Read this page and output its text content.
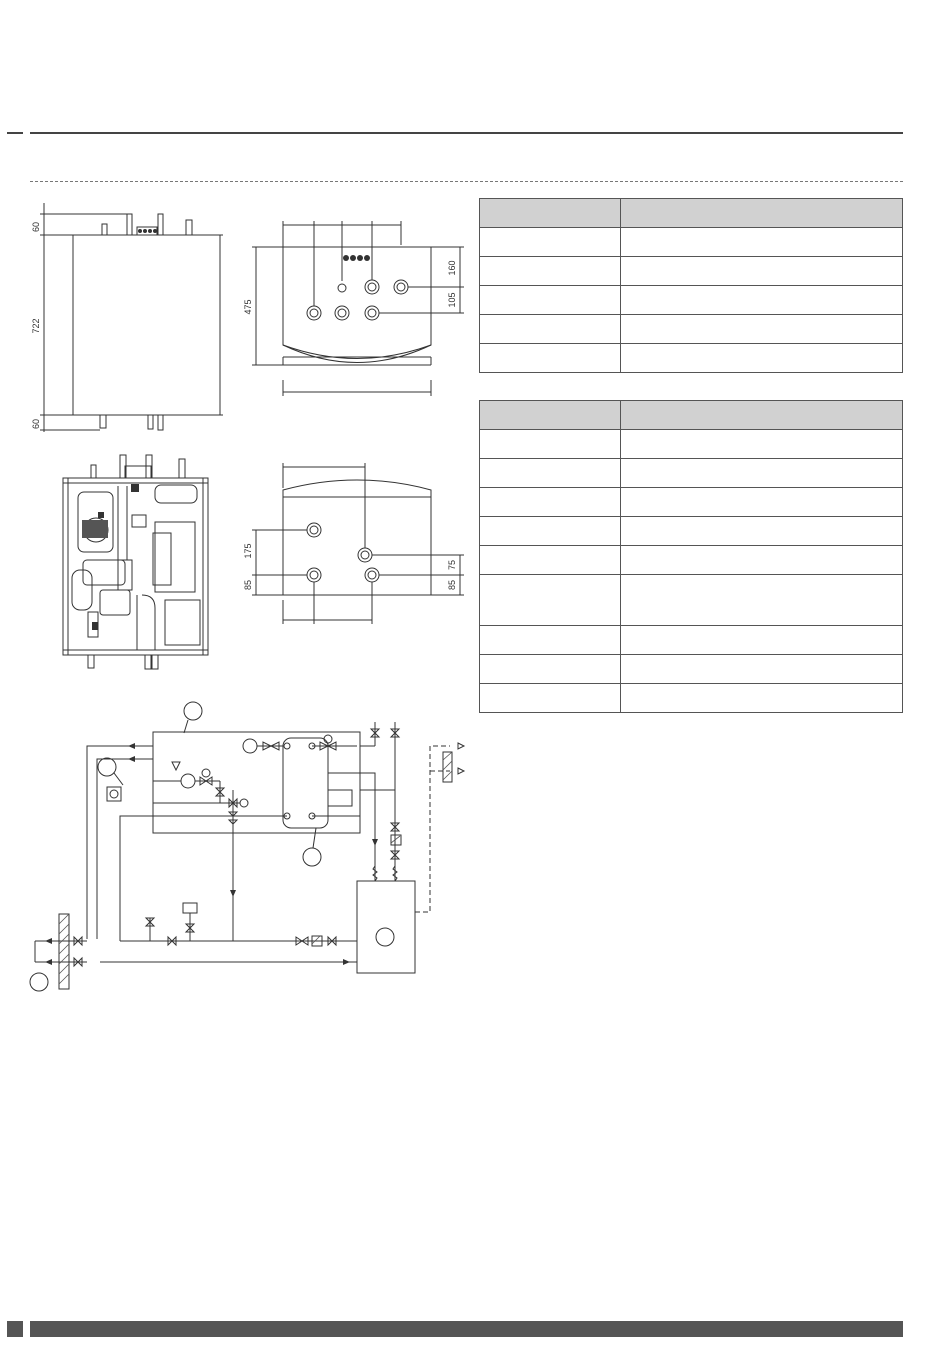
60
722
60
475
160
105
175
85
75
85
